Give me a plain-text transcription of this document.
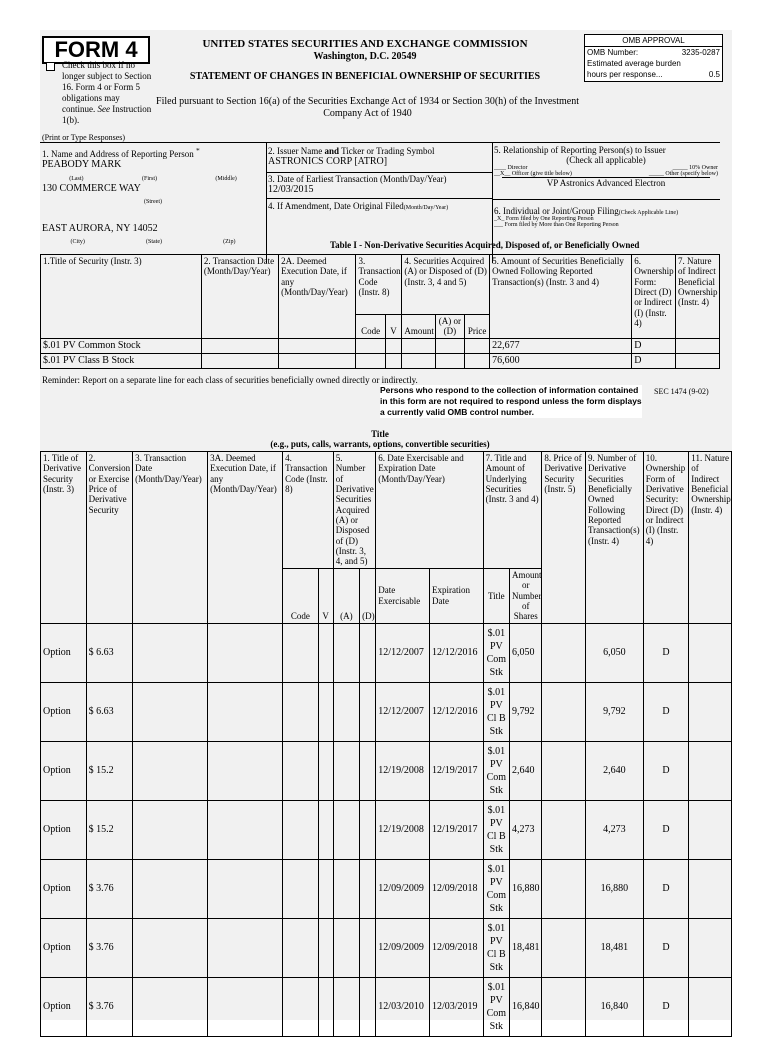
FORM 4
Check this box if no longer subject to Section 16. Form 4 or Form 5 obligations may continue. See Instruction 1(b).
UNITED STATES SECURITIES AND EXCHANGE COMMISSION
Washington, D.C. 20549
STATEMENT OF CHANGES IN BENEFICIAL OWNERSHIP OF SECURITIES
Filed pursuant to Section 16(a) of the Securities Exchange Act of 1934 or Section 30(h) of the Investment Company Act of 1940
OMB APPROVAL
OMB Number:	3235-0287
Estimated average burden
hours per response...	0.5
(Print or Type Responses)
1. Name and Address of Reporting Person *
PEABODY MARK
(Last)	(First)	(Middle)
130 COMMERCE WAY
(Street)
EAST AURORA, NY 14052
(City)	(State)	(Zip)
2. Issuer Name and Ticker or Trading Symbol
ASTRONICS CORP [ATRO]
3. Date of Earliest Transaction (Month/Day/Year)
12/03/2015
4. If Amendment, Date Original Filed(Month/Day/Year)
5. Relationship of Reporting Person(s) to Issuer
(Check all applicable)
____ Director	_____ 10% Owner
__X__ Officer (give title below)	_____ Other (specify below)
VP Astronics Advanced Electron
6. Individual or Joint/Group Filing(Check Applicable Line)
_X_ Form filed by One Reporting Person
___ Form filed by More than One Reporting Person
Table I - Non-Derivative Securities Acquired, Disposed of, or Beneficially Owned
1.Title of Security (Instr. 3)	2. Transaction Date (Month/Day/Year)	2A. Deemed Execution Date, if any (Month/Day/Year)	3. Transaction Code (Instr. 8)		4. Securities Acquired (A) or Disposed of (D) (Instr. 3, 4 and 5)			5. Amount of Securities Beneficially Owned Following Reported Transaction(s) (Instr. 3 and 4)	6. Ownership Form: Direct (D) or Indirect (I) (Instr. 4)	7. Nature of Indirect Beneficial Ownership (Instr. 4)
			Code	V	Amount	(A) or (D)	Price			
$.01 PV Common Stock								22,677	D	
$.01 PV Class B Stock								76,600	D	
Reminder: Report on a separate line for each class of securities beneficially owned directly or indirectly.
Persons who respond to the collection of information contained in this form are not required to respond unless the form displays a currently valid OMB control number.
SEC 1474 (9-02)
Title
(e.g., puts, calls, warrants, options, convertible securities)
1. Title of Derivative Security (Instr. 3)	2. Conversion or Exercise Price of Derivative Security	3. Transaction Date (Month/Day/Year)	3A. Deemed Execution Date, if any (Month/Day/Year)	4. Transaction Code (Instr. 8)		5. Number of Derivative Securities Acquired (A) or Disposed of (D) (Instr. 3, 4, and 5)		6. Date Exercisable and Expiration Date (Month/Day/Year)		7. Title and Amount of Underlying Securities (Instr. 3 and 4)		8. Price of Derivative Security (Instr. 5)	9. Number of Derivative Securities Beneficially Owned Following Reported Transaction(s) (Instr. 4)	10. Ownership Form of Derivative Security: Direct (D) or Indirect (I) (Instr. 4)	11. Nature of Indirect Beneficial Ownership (Instr. 4)
				Code	V	(A)	(D)	Date Exercisable	Expiration Date	Title	Amount or Number of Shares				
Option	$ 6.63							12/12/2007	12/12/2016	$.01
PV
Com
Stk	6,050		6,050	D	
Option	$ 6.63							12/12/2007	12/12/2016	$.01
PV
Cl B
Stk	9,792		9,792	D	
Option	$ 15.2							12/19/2008	12/19/2017	$.01
PV
Com
Stk	2,640		2,640	D	
Option	$ 15.2							12/19/2008	12/19/2017	$.01
PV
Cl B
Stk	4,273		4,273	D	
Option	$ 3.76							12/09/2009	12/09/2018	$.01
PV
Com
Stk	16,880		16,880	D	
Option	$ 3.76							12/09/2009	12/09/2018	$.01
PV
Cl B
Stk	18,481		18,481	D	
Option	$ 3.76							12/03/2010	12/03/2019	$.01
PV
Com
Stk	16,840		16,840	D	
